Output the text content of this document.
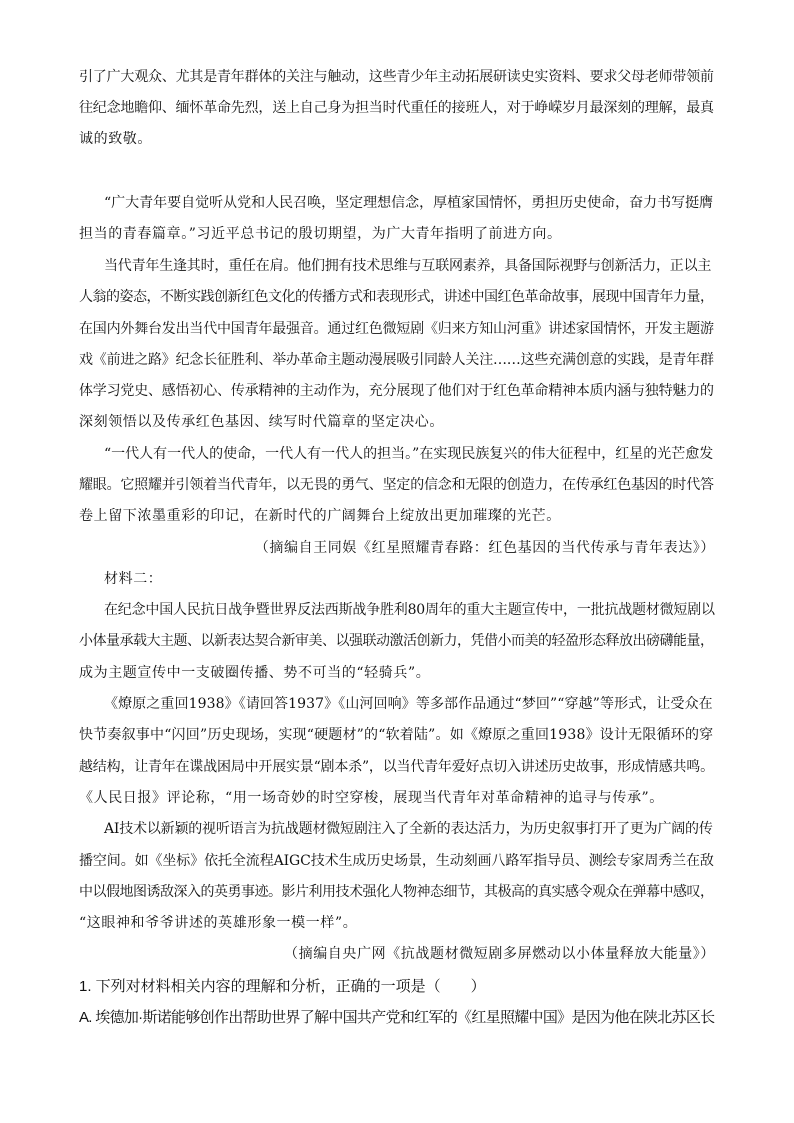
引了广大观众、尤其是青年群体的关注与触动，这些青少年主动拓展研读史实资料、要求父母老师带领前
往纪念地瞻仰、缅怀革命先烈，送上自己身为担当时代重任的接班人，对于峥嵘岁月最深刻的理解，最真
诚的致敬。
“广大青年要自觉听从党和人民召唤，坚定理想信念，厚植家国情怀，勇担历史使命，奋力书写挺膺
担当的青春篇章。”习近平总书记的殷切期望，为广大青年指明了前进方向。
当代青年生逢其时，重任在肩。他们拥有技术思维与互联网素养，具备国际视野与创新活力，正以主
人翁的姿态，不断实践创新红色文化的传播方式和表现形式，讲述中国红色革命故事，展现中国青年力量，
在国内外舞台发出当代中国青年最强音。通过红色微短剧《归来方知山河重》讲述家国情怀，开发主题游
戏《前进之路》纪念长征胜利、举办革命主题动漫展吸引同龄人关注……这些充满创意的实践，是青年群
体学习党史、感悟初心、传承精神的主动作为，充分展现了他们对于红色革命精神本质内涵与独特魅力的
深刻领悟以及传承红色基因、续写时代篇章的坚定决心。
“一代人有一代人的使命，一代人有一代人的担当。”在实现民族复兴的伟大征程中，红星的光芒愈发
耀眼。它照耀并引领着当代青年，以无畏的勇气、坚定的信念和无限的创造力，在传承红色基因的时代答
卷上留下浓墨重彩的印记，在新时代的广阔舞台上绽放出更加璀璨的光芒。
（摘编自王同娱《红星照耀青春路：红色基因的当代传承与青年表达》）
材料二：
在纪念中国人民抗日战争暨世界反法西斯战争胜利80周年的重大主题宣传中，一批抗战题材微短剧以
小体量承载大主题、以新表达契合新审美、以强联动激活创新力，凭借小而美的轻盈形态释放出磅礴能量，
成为主题宣传中一支破圈传播、势不可当的“轻骑兵”。
《燎原之重回1938》《请回答1937》《山河回响》等多部作品通过“梦回”“穿越”等形式，让受众在
快节奏叙事中“闪回”历史现场，实现“硬题材”的“软着陆”。如《燎原之重回1938》设计无限循环的穿
越结构，让青年在谍战困局中开展实景“剧本杀”，以当代青年爱好点切入讲述历史故事，形成情感共鸣。
《人民日报》评论称，“用一场奇妙的时空穿梭，展现当代青年对革命精神的追寻与传承”。
AI技术以新颖的视听语言为抗战题材微短剧注入了全新的表达活力，为历史叙事打开了更为广阔的传
播空间。如《坐标》依托全流程AIGC技术生成历史场景，生动刻画八路军指导员、测绘专家周秀兰在敌
中以假地图诱敌深入的英勇事迹。影片利用技术强化人物神态细节，其极高的真实感令观众在弹幕中感叹，
“这眼神和爷爷讲述的英雄形象一模一样”。
（摘编自央广网《抗战题材微短剧多屏燃动以小体量释放大能量》）
1. 下列对材料相关内容的理解和分析，正确的一项是（　　）
A. 埃德加·斯诺能够创作出帮助世界了解中国共产党和红军的《红星照耀中国》是因为他在陕北苏区长
